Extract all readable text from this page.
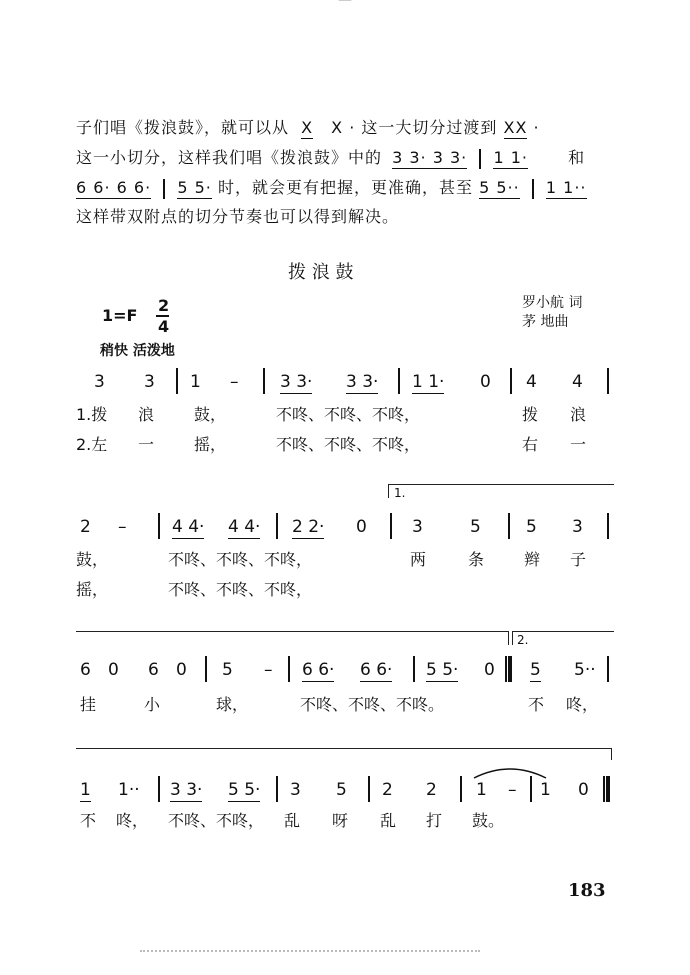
—
子们唱《拨浪鼓》，就可以从 X X · 这一大切分过渡到 XX ·
这一小切分，这样我们唱《拨浪鼓》中的 3 3· 3 3· 1 1·	和
6 6· 6 6· 5 5· 时，就会更有把握，更准确，甚至 5 5·· 1 1··
这样带双附点的切分节奏也可以得到解决。
拨 浪 鼓
罗小航 词
茅 地曲
1=F
2
4
稍快 活泼地
3 3 1 – 3 3· 3 3· 1 1· 0 4 4
1.拨 浪 鼓，	不咚、不咚、不咚，	拨 浪
2.左 一 摇，	不咚、不咚、不咚，	右 一
1.
2 –	4 4· 4 4· 2 2· 0	3	5	5 3
鼓，	不咚、不咚、不咚，	两	条 辫 子
摇，	不咚、不咚、不咚，
2.
6 0 6 0 5 – 6 6· 6 6· 5 5· 0 5 5··
挂	小	球，	不咚、不咚、不咚。	不 咚，
1 1·· 3 3· 5 5· 3 5 2 2 1 – 1 0
不 咚， 不咚、不咚， 乱 呀 乱 打 鼓。
183
